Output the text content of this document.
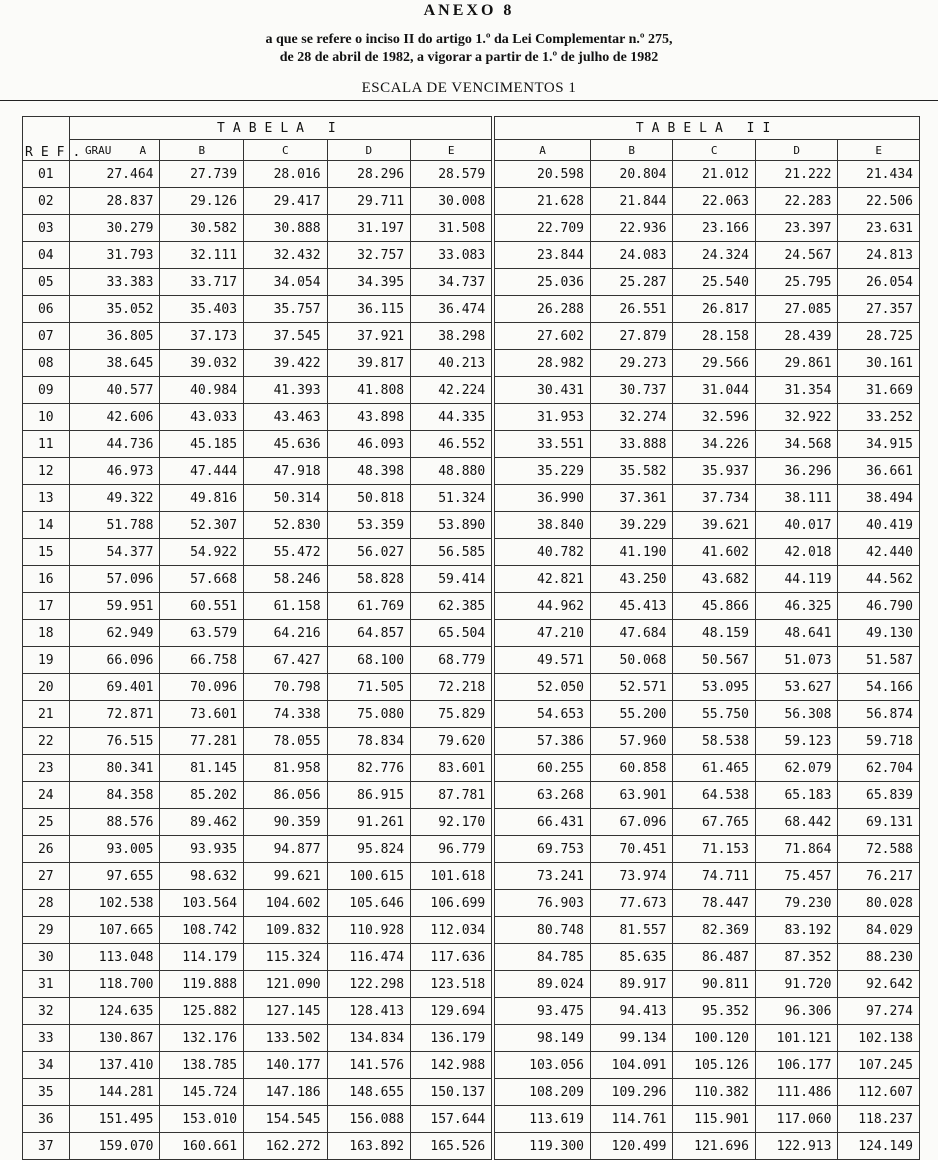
ANEXO 8
a que se refere o inciso II do artigo 1.º da Lei Complementar n.º 275,
de 28 de abril de 1982, a vigorar a partir de 1.º de julho de 1982
ESCALA DE VENCIMENTOS 1
REF.	TABELA I					TABELA II				
	GRAU A	B	C	D	E	A	B	C	D	E
01	27.464	27.739	28.016	28.296	28.579	20.598	20.804	21.012	21.222	21.434
02	28.837	29.126	29.417	29.711	30.008	21.628	21.844	22.063	22.283	22.506
03	30.279	30.582	30.888	31.197	31.508	22.709	22.936	23.166	23.397	23.631
04	31.793	32.111	32.432	32.757	33.083	23.844	24.083	24.324	24.567	24.813
05	33.383	33.717	34.054	34.395	34.737	25.036	25.287	25.540	25.795	26.054
06	35.052	35.403	35.757	36.115	36.474	26.288	26.551	26.817	27.085	27.357
07	36.805	37.173	37.545	37.921	38.298	27.602	27.879	28.158	28.439	28.725
08	38.645	39.032	39.422	39.817	40.213	28.982	29.273	29.566	29.861	30.161
09	40.577	40.984	41.393	41.808	42.224	30.431	30.737	31.044	31.354	31.669
10	42.606	43.033	43.463	43.898	44.335	31.953	32.274	32.596	32.922	33.252
11	44.736	45.185	45.636	46.093	46.552	33.551	33.888	34.226	34.568	34.915
12	46.973	47.444	47.918	48.398	48.880	35.229	35.582	35.937	36.296	36.661
13	49.322	49.816	50.314	50.818	51.324	36.990	37.361	37.734	38.111	38.494
14	51.788	52.307	52.830	53.359	53.890	38.840	39.229	39.621	40.017	40.419
15	54.377	54.922	55.472	56.027	56.585	40.782	41.190	41.602	42.018	42.440
16	57.096	57.668	58.246	58.828	59.414	42.821	43.250	43.682	44.119	44.562
17	59.951	60.551	61.158	61.769	62.385	44.962	45.413	45.866	46.325	46.790
18	62.949	63.579	64.216	64.857	65.504	47.210	47.684	48.159	48.641	49.130
19	66.096	66.758	67.427	68.100	68.779	49.571	50.068	50.567	51.073	51.587
20	69.401	70.096	70.798	71.505	72.218	52.050	52.571	53.095	53.627	54.166
21	72.871	73.601	74.338	75.080	75.829	54.653	55.200	55.750	56.308	56.874
22	76.515	77.281	78.055	78.834	79.620	57.386	57.960	58.538	59.123	59.718
23	80.341	81.145	81.958	82.776	83.601	60.255	60.858	61.465	62.079	62.704
24	84.358	85.202	86.056	86.915	87.781	63.268	63.901	64.538	65.183	65.839
25	88.576	89.462	90.359	91.261	92.170	66.431	67.096	67.765	68.442	69.131
26	93.005	93.935	94.877	95.824	96.779	69.753	70.451	71.153	71.864	72.588
27	97.655	98.632	99.621	100.615	101.618	73.241	73.974	74.711	75.457	76.217
28	102.538	103.564	104.602	105.646	106.699	76.903	77.673	78.447	79.230	80.028
29	107.665	108.742	109.832	110.928	112.034	80.748	81.557	82.369	83.192	84.029
30	113.048	114.179	115.324	116.474	117.636	84.785	85.635	86.487	87.352	88.230
31	118.700	119.888	121.090	122.298	123.518	89.024	89.917	90.811	91.720	92.642
32	124.635	125.882	127.145	128.413	129.694	93.475	94.413	95.352	96.306	97.274
33	130.867	132.176	133.502	134.834	136.179	98.149	99.134	100.120	101.121	102.138
34	137.410	138.785	140.177	141.576	142.988	103.056	104.091	105.126	106.177	107.245
35	144.281	145.724	147.186	148.655	150.137	108.209	109.296	110.382	111.486	112.607
36	151.495	153.010	154.545	156.088	157.644	113.619	114.761	115.901	117.060	118.237
37	159.070	160.661	162.272	163.892	165.526	119.300	120.499	121.696	122.913	124.149
